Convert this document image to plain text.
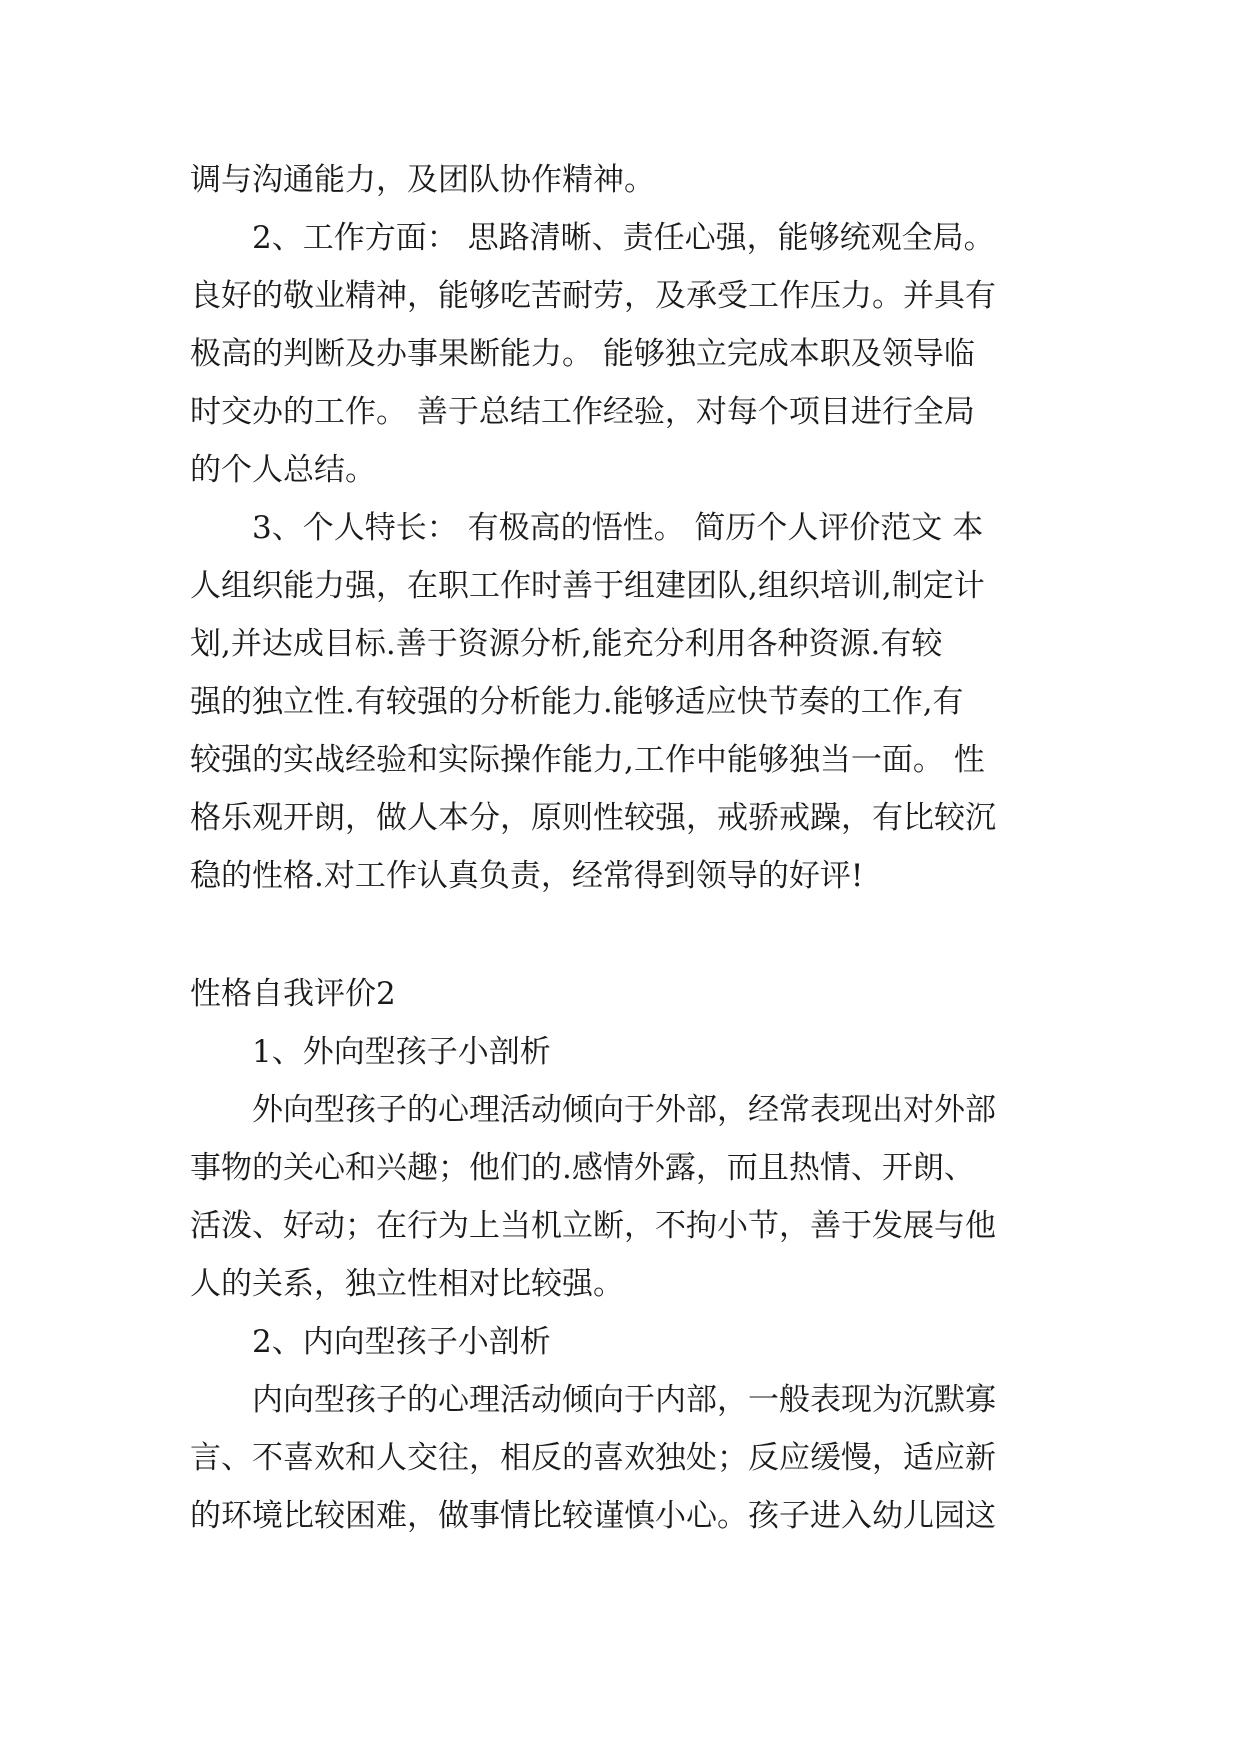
调与沟通能力，及团队协作精神。
2、工作方面： 思路清晰、责任心强，能够统观全局。
良好的敬业精神，能够吃苦耐劳，及承受工作压力。并具有
极高的判断及办事果断能力。 能够独立完成本职及领导临
时交办的工作。 善于总结工作经验，对每个项目进行全局
的个人总结。
3、个人特长： 有极高的悟性。 简历个人评价范文 本
人组织能力强，在职工作时善于组建团队,组织培训,制定计
划,并达成目标.善于资源分析,能充分利用各种资源.有较
强的独立性.有较强的分析能力.能够适应快节奏的工作,有
较强的实战经验和实际操作能力,工作中能够独当一面。 性
格乐观开朗，做人本分，原则性较强，戒骄戒躁，有比较沉
稳的性格.对工作认真负责，经常得到领导的好评!
性格自我评价2
1、外向型孩子小剖析
外向型孩子的心理活动倾向于外部，经常表现出对外部
事物的关心和兴趣；他们的.感情外露，而且热情、开朗、
活泼、好动；在行为上当机立断，不拘小节，善于发展与他
人的关系，独立性相对比较强。
2、内向型孩子小剖析
内向型孩子的心理活动倾向于内部，一般表现为沉默寡
言、不喜欢和人交往，相反的喜欢独处；反应缓慢，适应新
的环境比较困难，做事情比较谨慎小心。孩子进入幼儿园这
